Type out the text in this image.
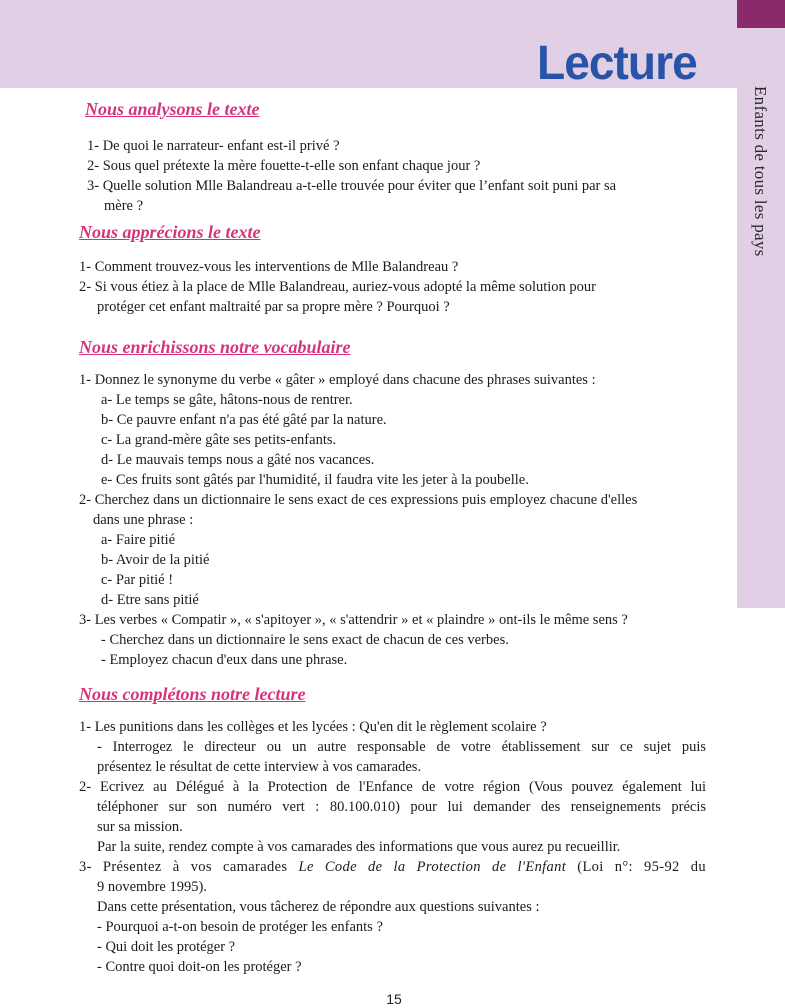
Enfants de tous les pays
Lecture
Nous analysons le texte
1- De quoi le narrateur- enfant est-il privé ?
2- Sous quel prétexte la mère fouette-t-elle son enfant chaque jour ?
3- Quelle solution Mlle Balandreau a-t-elle trouvée pour éviter que l’enfant soit puni par sa
mère ?
Nous apprécions le texte
1- Comment trouvez-vous les interventions de Mlle Balandreau ?
2- Si vous étiez à la place de Mlle Balandreau, auriez-vous adopté la même solution pour
protéger cet enfant maltraité par sa propre mère ? Pourquoi ?
Nous enrichissons notre vocabulaire
1- Donnez le synonyme du verbe « gâter » employé dans chacune des phrases suivantes :
a- Le temps se gâte, hâtons-nous de rentrer.
b- Ce pauvre enfant n'a pas été gâté par la nature.
c- La grand-mère gâte ses petits-enfants.
d- Le mauvais temps nous a gâté nos vacances.
e- Ces fruits sont gâtés par l'humidité, il faudra vite les jeter à la poubelle.
2- Cherchez dans un dictionnaire le sens exact de ces expressions puis employez chacune d'elles
dans une phrase :
a- Faire pitié
b- Avoir de la pitié
c- Par pitié !
d- Etre sans pitié
3- Les verbes « Compatir », « s'apitoyer », « s'attendrir » et « plaindre » ont-ils le même sens ?
- Cherchez dans un dictionnaire le sens exact de chacun de ces verbes.
- Employez chacun d'eux dans une phrase.
Nous complétons notre lecture
1- Les punitions dans les collèges et les lycées : Qu'en dit le règlement scolaire ?
- Interrogez le directeur ou un autre responsable de votre établissement sur ce sujet puis
présentez le résultat de cette interview à vos camarades.
2- Ecrivez au Délégué à la Protection de l'Enfance de votre région (Vous pouvez également lui
téléphoner sur son numéro vert : 80.100.010) pour lui demander des renseignements précis
sur sa mission.
Par la suite, rendez compte à vos camarades des informations que vous aurez pu recueillir.
3- Présentez à vos camarades Le Code de la Protection de l'Enfant (Loi n°: 95-92 du
9 novembre 1995).
Dans cette présentation, vous tâcherez de répondre aux questions suivantes :
- Pourquoi a-t-on besoin de protéger les enfants ?
- Qui doit les protéger ?
- Contre quoi doit-on les protéger ?
15
